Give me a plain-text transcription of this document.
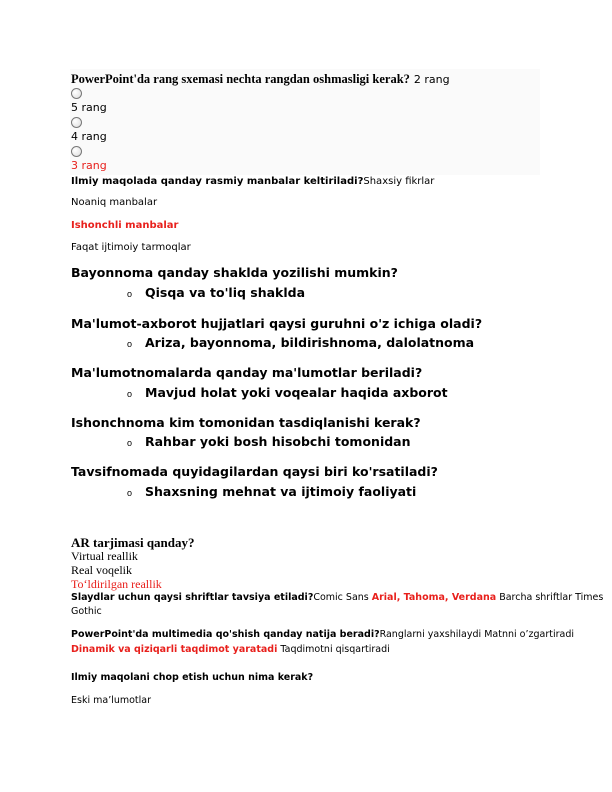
PowerPoint'da rang sxemasi nechta rangdan oshmasligi kerak? 2 rang
5 rang
4 rang
3 rang
Ilmiy maqolada qanday rasmiy manbalar keltiriladi?Shaxsiy fikrlar
Noaniq manbalar
Ishonchli manbalar
Faqat ijtimoiy tarmoqlar
Bayonnoma qanday shaklda yozilishi mumkin?
o Qisqa va to'liq shaklda
Ma'lumot-axborot hujjatlari qaysi guruhni o'z ichiga oladi?
o Ariza, bayonnoma, bildirishnoma, dalolatnoma
Ma'lumotnomalarda qanday ma'lumotlar beriladi?
o Mavjud holat yoki voqealar haqida axborot
Ishonchnoma kim tomonidan tasdiqlanishi kerak?
o Rahbar yoki bosh hisobchi tomonidan
Tavsifnomada quyidagilardan qaysi biri ko'rsatiladi?
o Shaxsning mehnat va ijtimoiy faoliyati
AR tarjimasi qanday?
Virtual reallik
Real voqelik
To‘ldirilgan reallik
Slaydlar uchun qaysi shriftlar tavsiya etiladi?Comic Sans Arial, Tahoma, Verdana Barcha shriftlar Times
Gothic
PowerPoint'da multimedia qo'shish qanday natija beradi?Ranglarni yaxshilaydi Matnni o’zgartiradi
Dinamik va qiziqarli taqdimot yaratadi Taqdimotni qisqartiradi
Ilmiy maqolani chop etish uchun nima kerak?
Eski ma’lumotlar
